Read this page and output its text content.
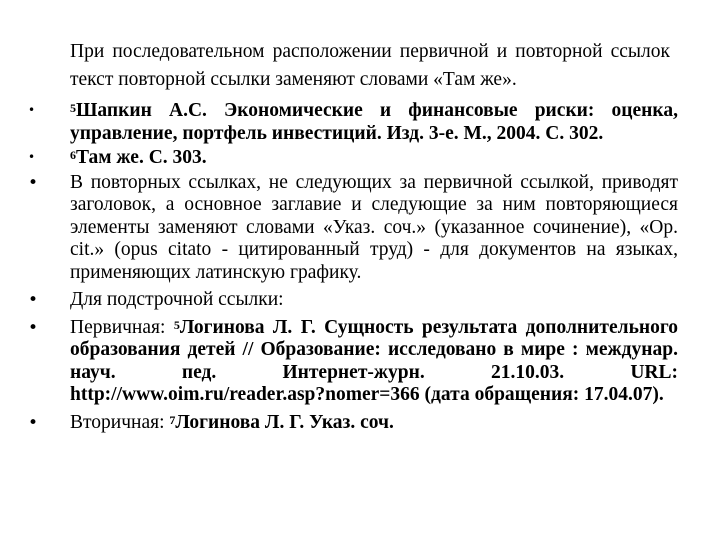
При последовательном расположении первичной и повторной ссылок текст повторной ссылки заменяют словами «Там же».

•	$^5$Шапкин А.С. Экономические и финансовые риски: оценка, управление, портфель инвестиций. Изд. 3-е. М., 2004. С. 302.
•	$^6$Там же. С. 303.
• В повторных ссылках, не следующих за первичной ссылкой, приводят заголовок, а основное заглавие и следующие за ним повторяющиеся элементы заменяют словами «Указ. соч.» (указанное сочинение), «Op. cit.» (opus citato - цитированный труд) - для документов на языках, применяющих латинскую графику.
• Для подстрочной ссылки:
• Первичная: $^5$Логинова Л. Г. Сущность результата дополнительного образования детей // Образование: исследовано в мире : междунар. науч. пед. Интернет-журн. 21.10.03. URL: http://www.oim.ru/reader.asp?nomer=366 (дата обращения: 17.04.07).
• Вторичная: $^7$Логинова Л. Г. Указ. соч.
